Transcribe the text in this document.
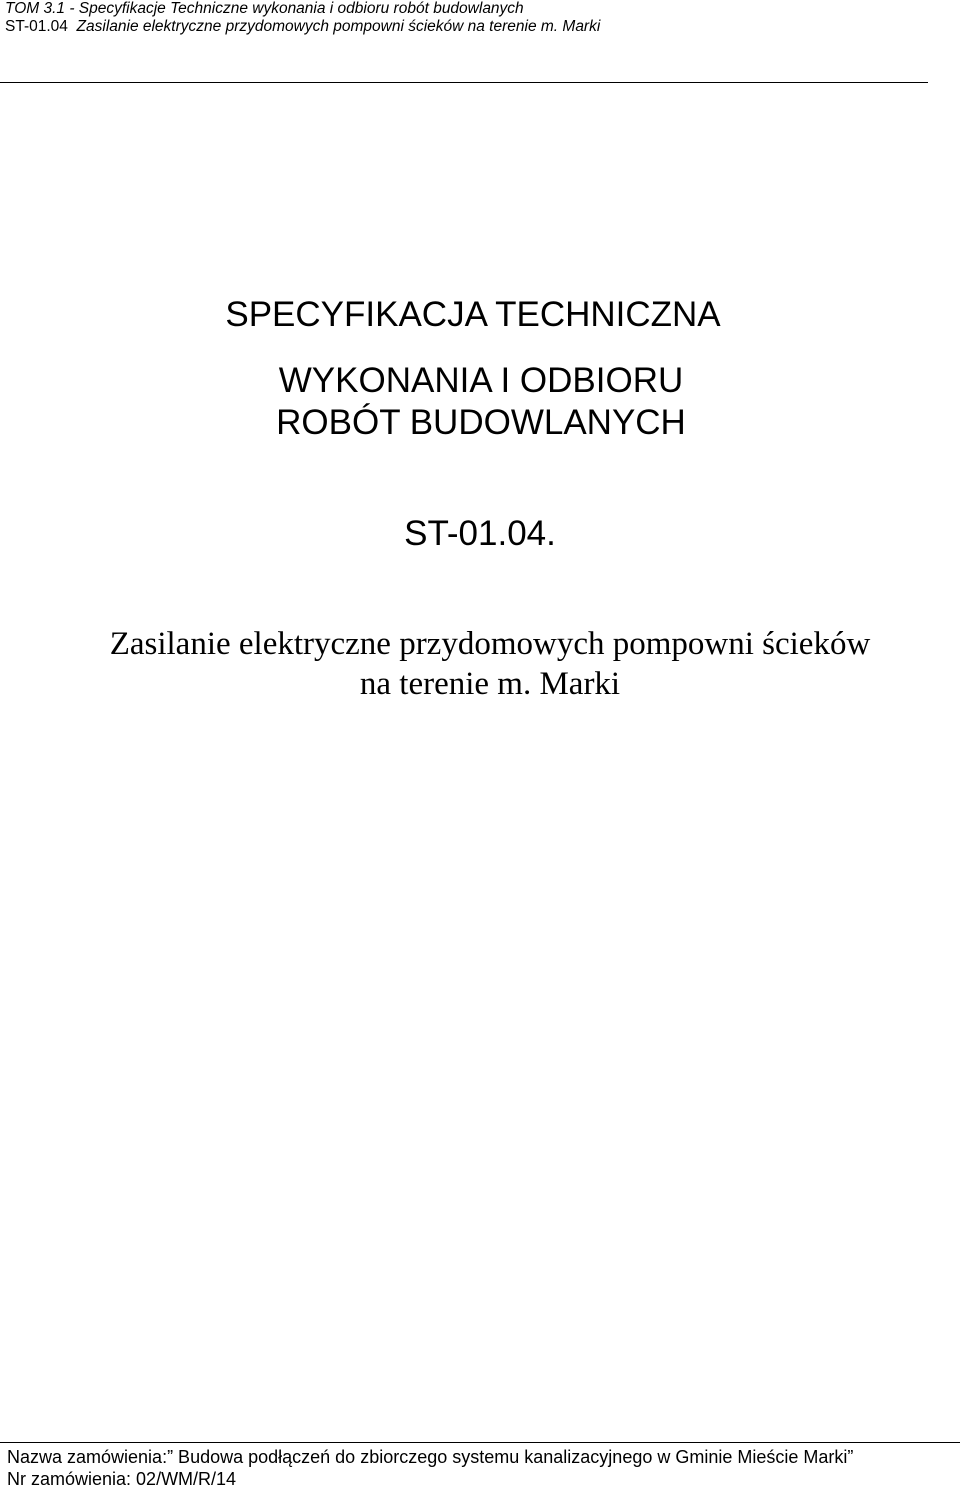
TOM 3.1 - Specyfikacje Techniczne wykonania i odbioru robót budowlanych
ST-01.04 Zasilanie elektryczne przydomowych pompowni ścieków na terenie m. Marki
SPECYFIKACJA TECHNICZNA
WYKONANIA I ODBIORU
ROBÓT BUDOWLANYCH
ST-01.04.
Zasilanie elektryczne przydomowych pompowni ścieków
na terenie m. Marki
Nazwa zamówienia:” Budowa podłączeń do zbiorczego systemu kanalizacyjnego w Gminie Mieście Marki”
Nr zamówienia: 02/WM/R/14
